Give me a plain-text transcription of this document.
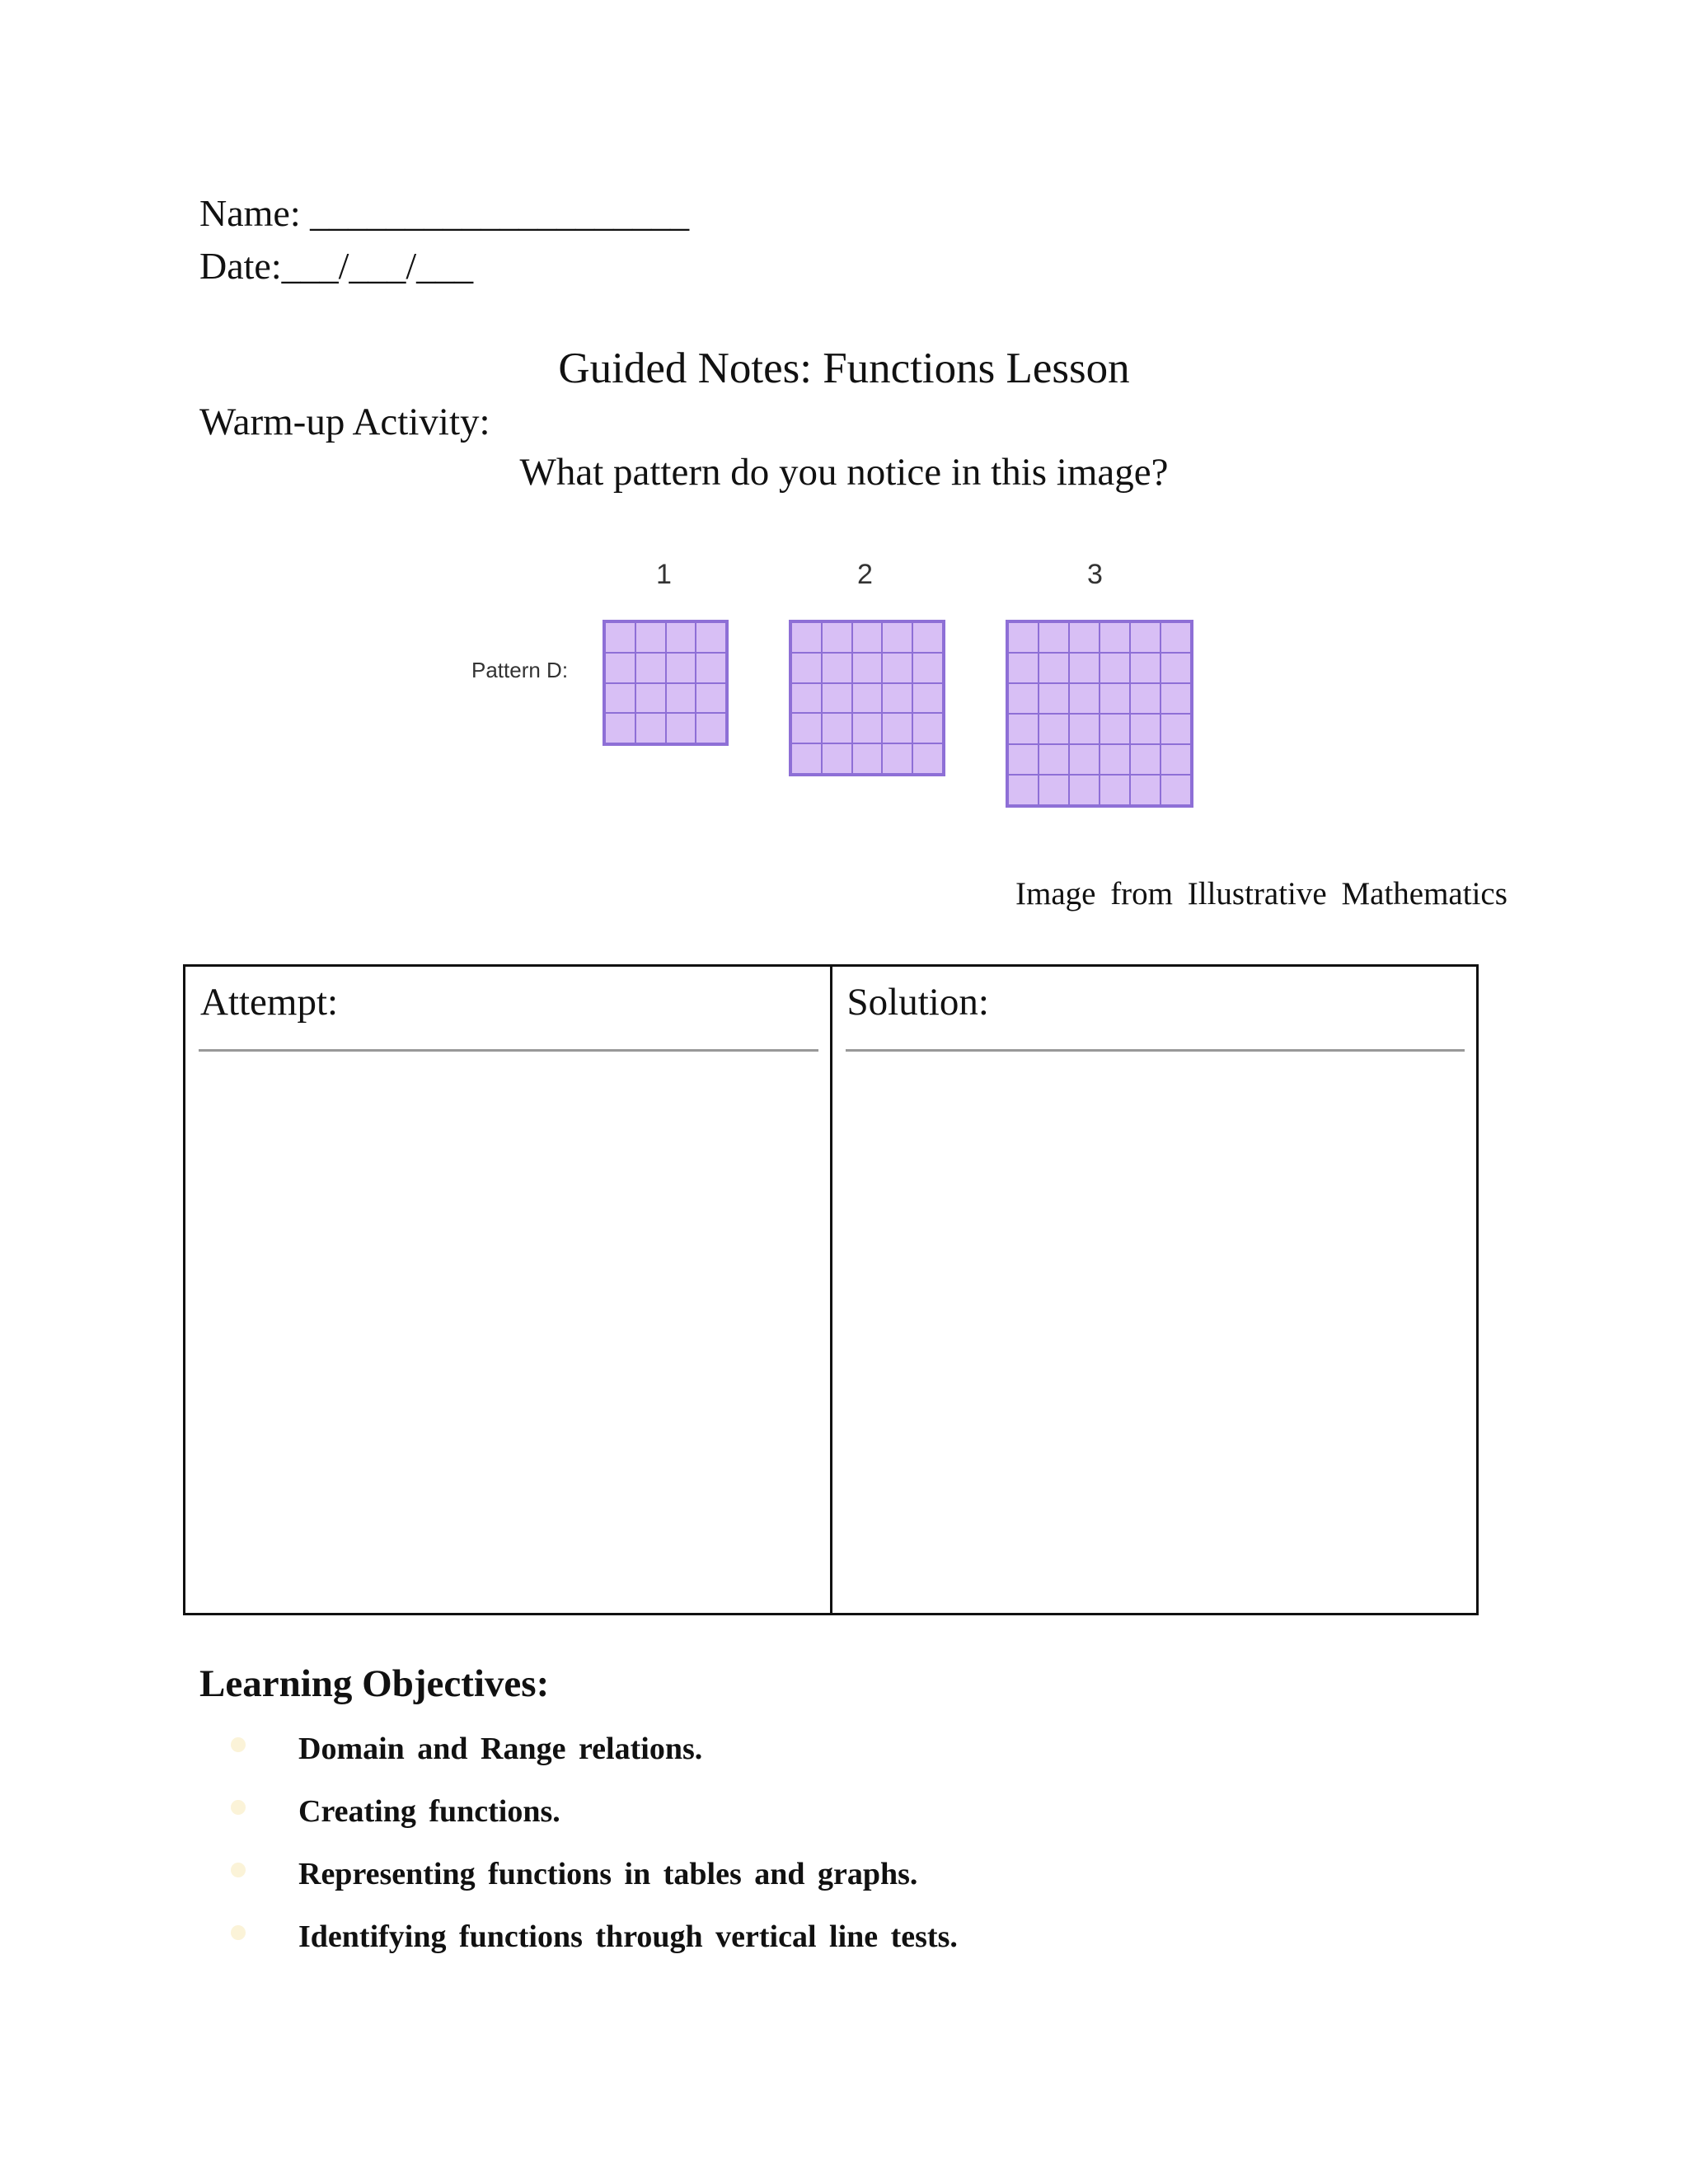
Name: ____________________
Date:___/___/___
Guided Notes: Functions Lesson
Warm-up Activity:
What pattern do you notice in this image?
Pattern D:
1	2	3
Image from Illustrative Mathematics
Attempt:	Solution:
Learning Objectives:
Domain and Range relations.
Creating functions.
Representing functions in tables and graphs.
Identifying functions through vertical line tests.
